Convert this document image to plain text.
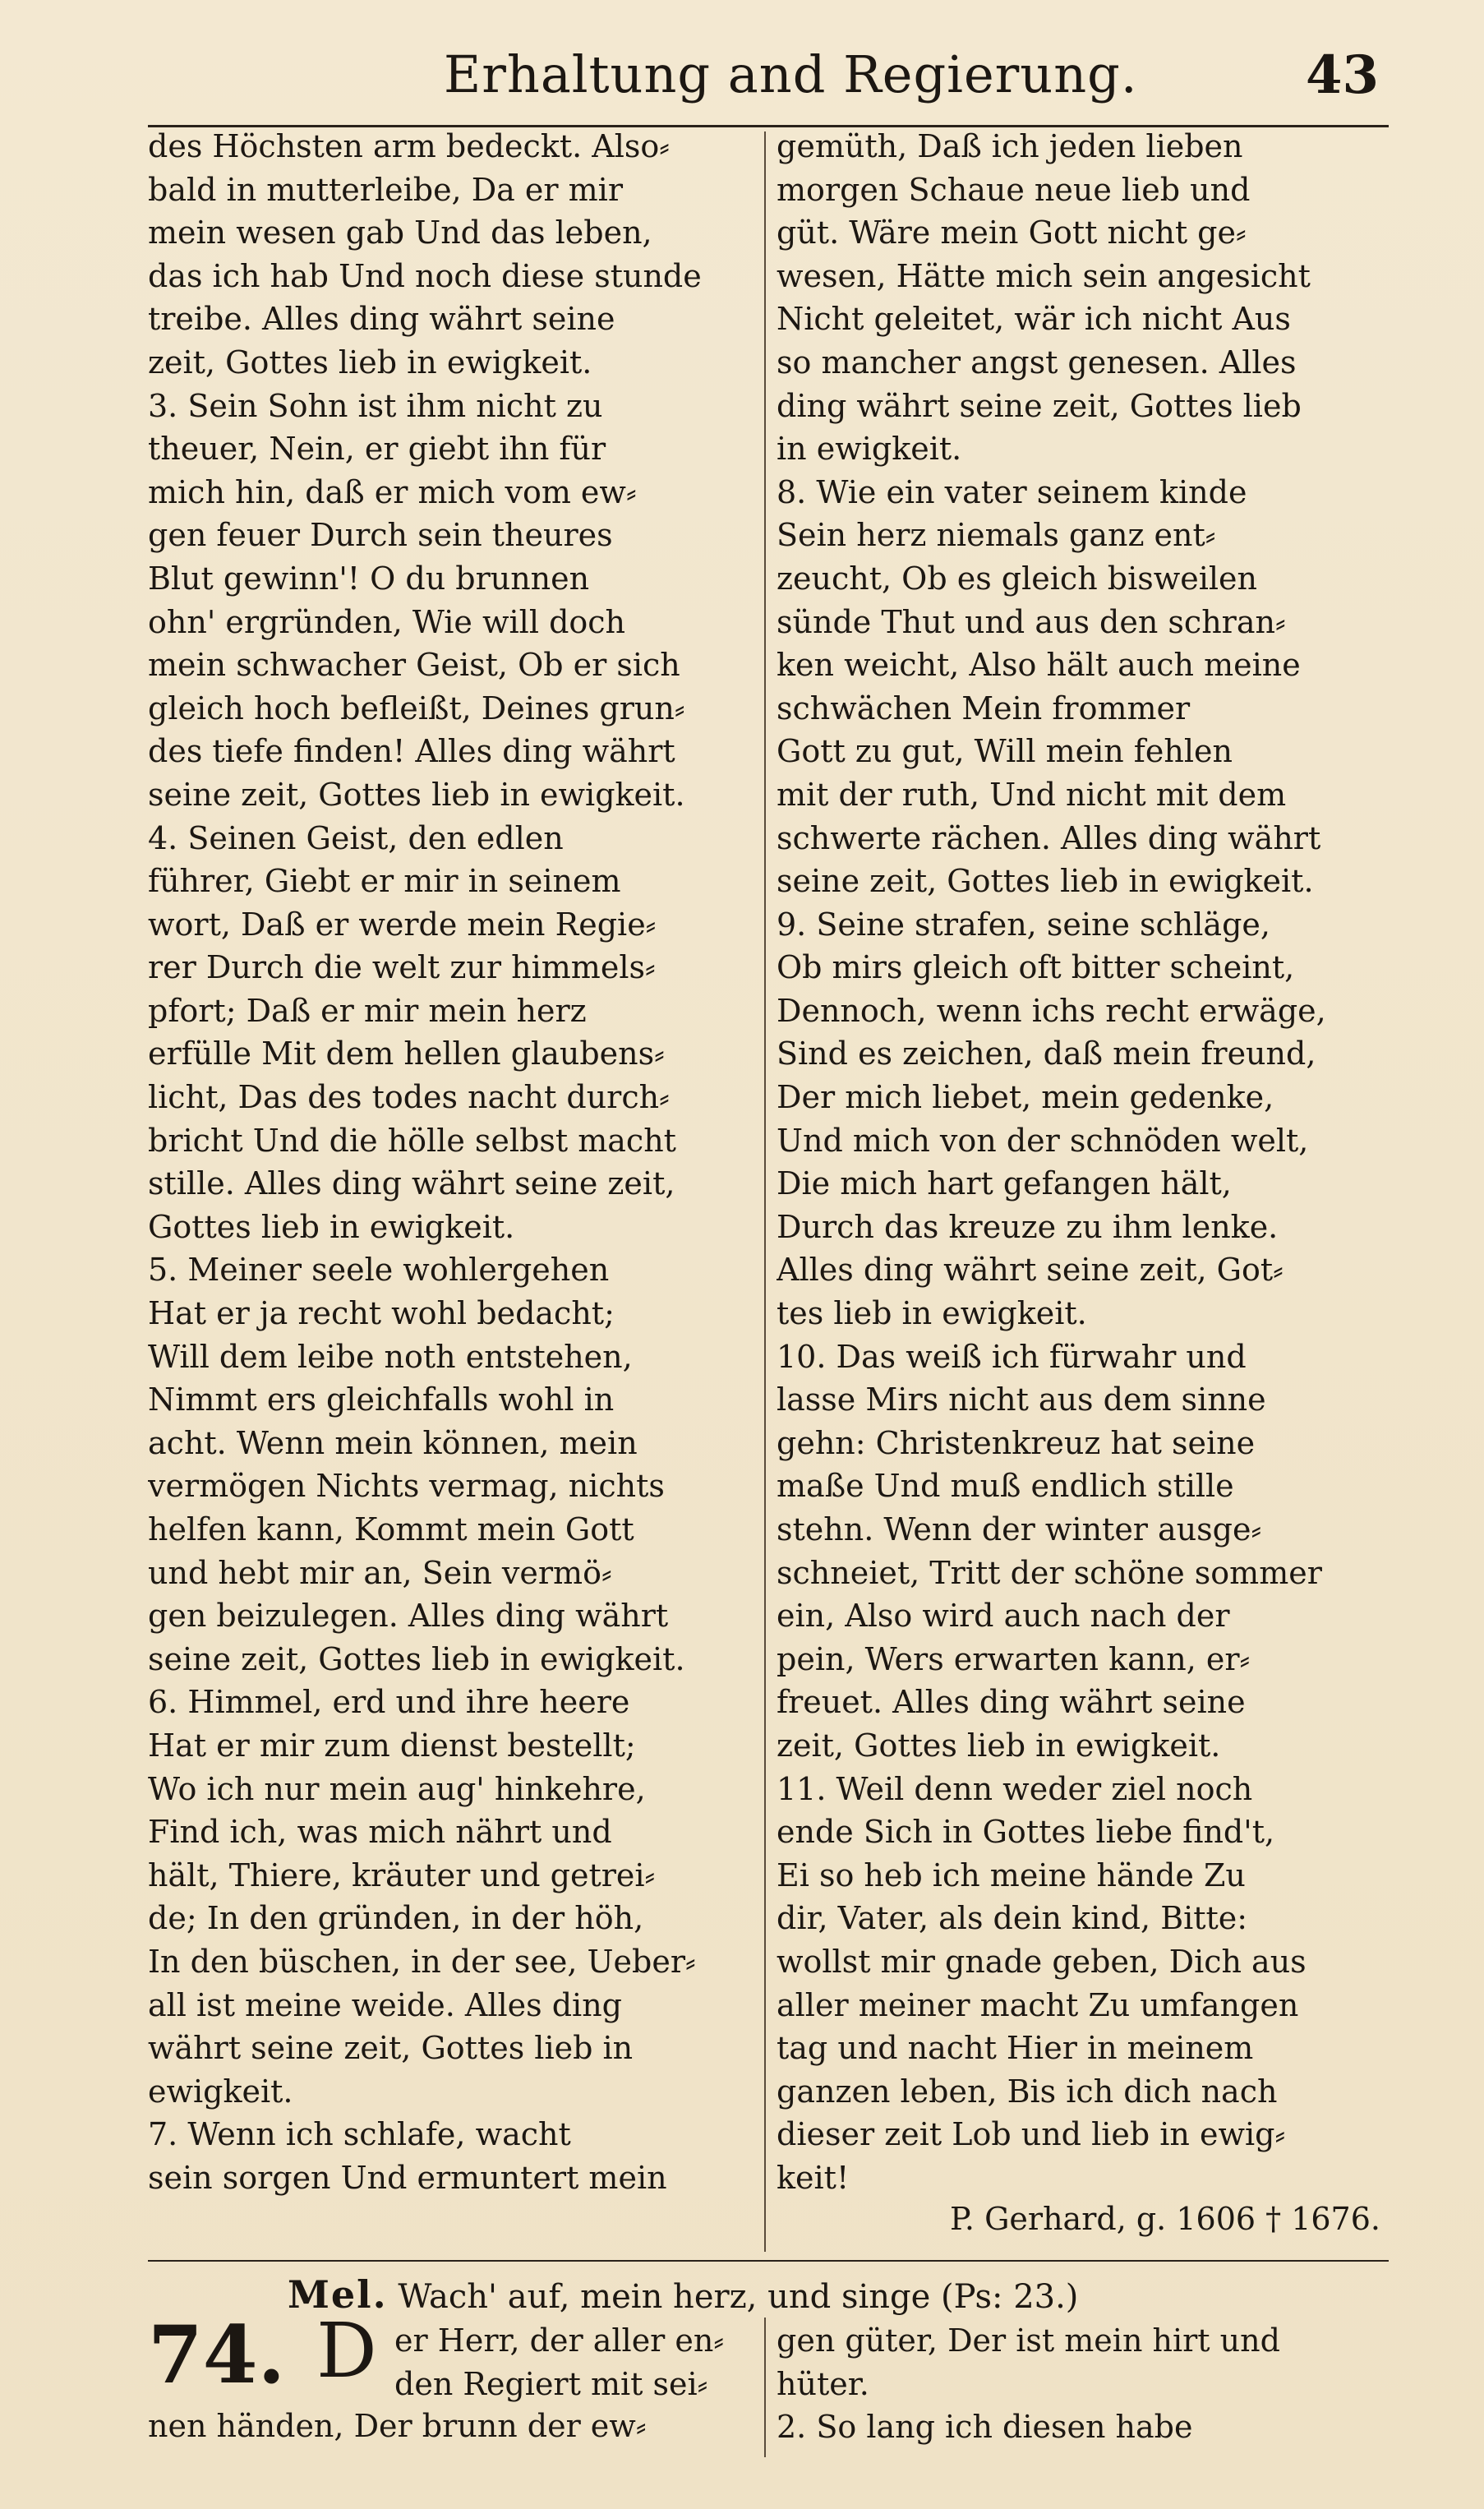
Erhaltung and Regierung.	43
des Höchsten arm bedeckt. Also⸗
bald in mutterleibe, Da er mir
mein wesen gab Und das leben,
das ich hab Und noch diese stunde
treibe. Alles ding währt seine
zeit, Gottes lieb in ewigkeit.
3. Sein Sohn ist ihm nicht zu
theuer, Nein, er giebt ihn für
mich hin, daß er mich vom ew⸗
gen feuer Durch sein theures
Blut gewinn'! O du brunnen
ohn' ergründen, Wie will doch
mein schwacher Geist, Ob er sich
gleich hoch befleißt, Deines grun⸗
des tiefe finden! Alles ding währt
seine zeit, Gottes lieb in ewigkeit.
4. Seinen Geist, den edlen
führer, Giebt er mir in seinem
wort, Daß er werde mein Regie⸗
rer Durch die welt zur himmels⸗
pfort; Daß er mir mein herz
erfülle Mit dem hellen glaubens⸗
licht, Das des todes nacht durch⸗
bricht Und die hölle selbst macht
stille. Alles ding währt seine zeit,
Gottes lieb in ewigkeit.
5. Meiner seele wohlergehen
Hat er ja recht wohl bedacht;
Will dem leibe noth entstehen,
Nimmt ers gleichfalls wohl in
acht. Wenn mein können, mein
vermögen Nichts vermag, nichts
helfen kann, Kommt mein Gott
und hebt mir an, Sein vermö⸗
gen beizulegen. Alles ding währt
seine zeit, Gottes lieb in ewigkeit.
6. Himmel, erd und ihre heere
Hat er mir zum dienst bestellt;
Wo ich nur mein aug' hinkehre,
Find ich, was mich nährt und
hält, Thiere, kräuter und getrei⸗
de; In den gründen, in der höh,
In den büschen, in der see, Ueber⸗
all ist meine weide. Alles ding
währt seine zeit, Gottes lieb in
ewigkeit.
7. Wenn ich schlafe, wacht
sein sorgen Und ermuntert mein
gemüth, Daß ich jeden lieben
morgen Schaue neue lieb und
güt. Wäre mein Gott nicht ge⸗
wesen, Hätte mich sein angesicht
Nicht geleitet, wär ich nicht Aus
so mancher angst genesen. Alles
ding währt seine zeit, Gottes lieb
in ewigkeit.
8. Wie ein vater seinem kinde
Sein herz niemals ganz ent⸗
zeucht, Ob es gleich bisweilen
sünde Thut und aus den schran⸗
ken weicht, Also hält auch meine
schwächen Mein frommer
Gott zu gut, Will mein fehlen
mit der ruth, Und nicht mit dem
schwerte rächen. Alles ding währt
seine zeit, Gottes lieb in ewigkeit.
9. Seine strafen, seine schläge,
Ob mirs gleich oft bitter scheint,
Dennoch, wenn ichs recht erwäge,
Sind es zeichen, daß mein freund,
Der mich liebet, mein gedenke,
Und mich von der schnöden welt,
Die mich hart gefangen hält,
Durch das kreuze zu ihm lenke.
Alles ding währt seine zeit, Got⸗
tes lieb in ewigkeit.
10. Das weiß ich fürwahr und
lasse Mirs nicht aus dem sinne
gehn: Christenkreuz hat seine
maße Und muß endlich stille
stehn. Wenn der winter ausge⸗
schneiet, Tritt der schöne sommer
ein, Also wird auch nach der
pein, Wers erwarten kann, er⸗
freuet. Alles ding währt seine
zeit, Gottes lieb in ewigkeit.
11. Weil denn weder ziel noch
ende Sich in Gottes liebe find't,
Ei so heb ich meine hände Zu
dir, Vater, als dein kind, Bitte:
wollst mir gnade geben, Dich aus
aller meiner macht Zu umfangen
tag und nacht Hier in meinem
ganzen leben, Bis ich dich nach
dieser zeit Lob und lieb in ewig⸗
keit!
P. Gerhard, g. 1606 † 1676.
Mel. Wach' auf, mein herz, und singe (Ps: 23.)
74. D er Herr, der aller en⸗
den Regiert mit sei⸗
nen händen, Der brunn der ew⸗
gen güter, Der ist mein hirt und
hüter.
2. So lang ich diesen habe
